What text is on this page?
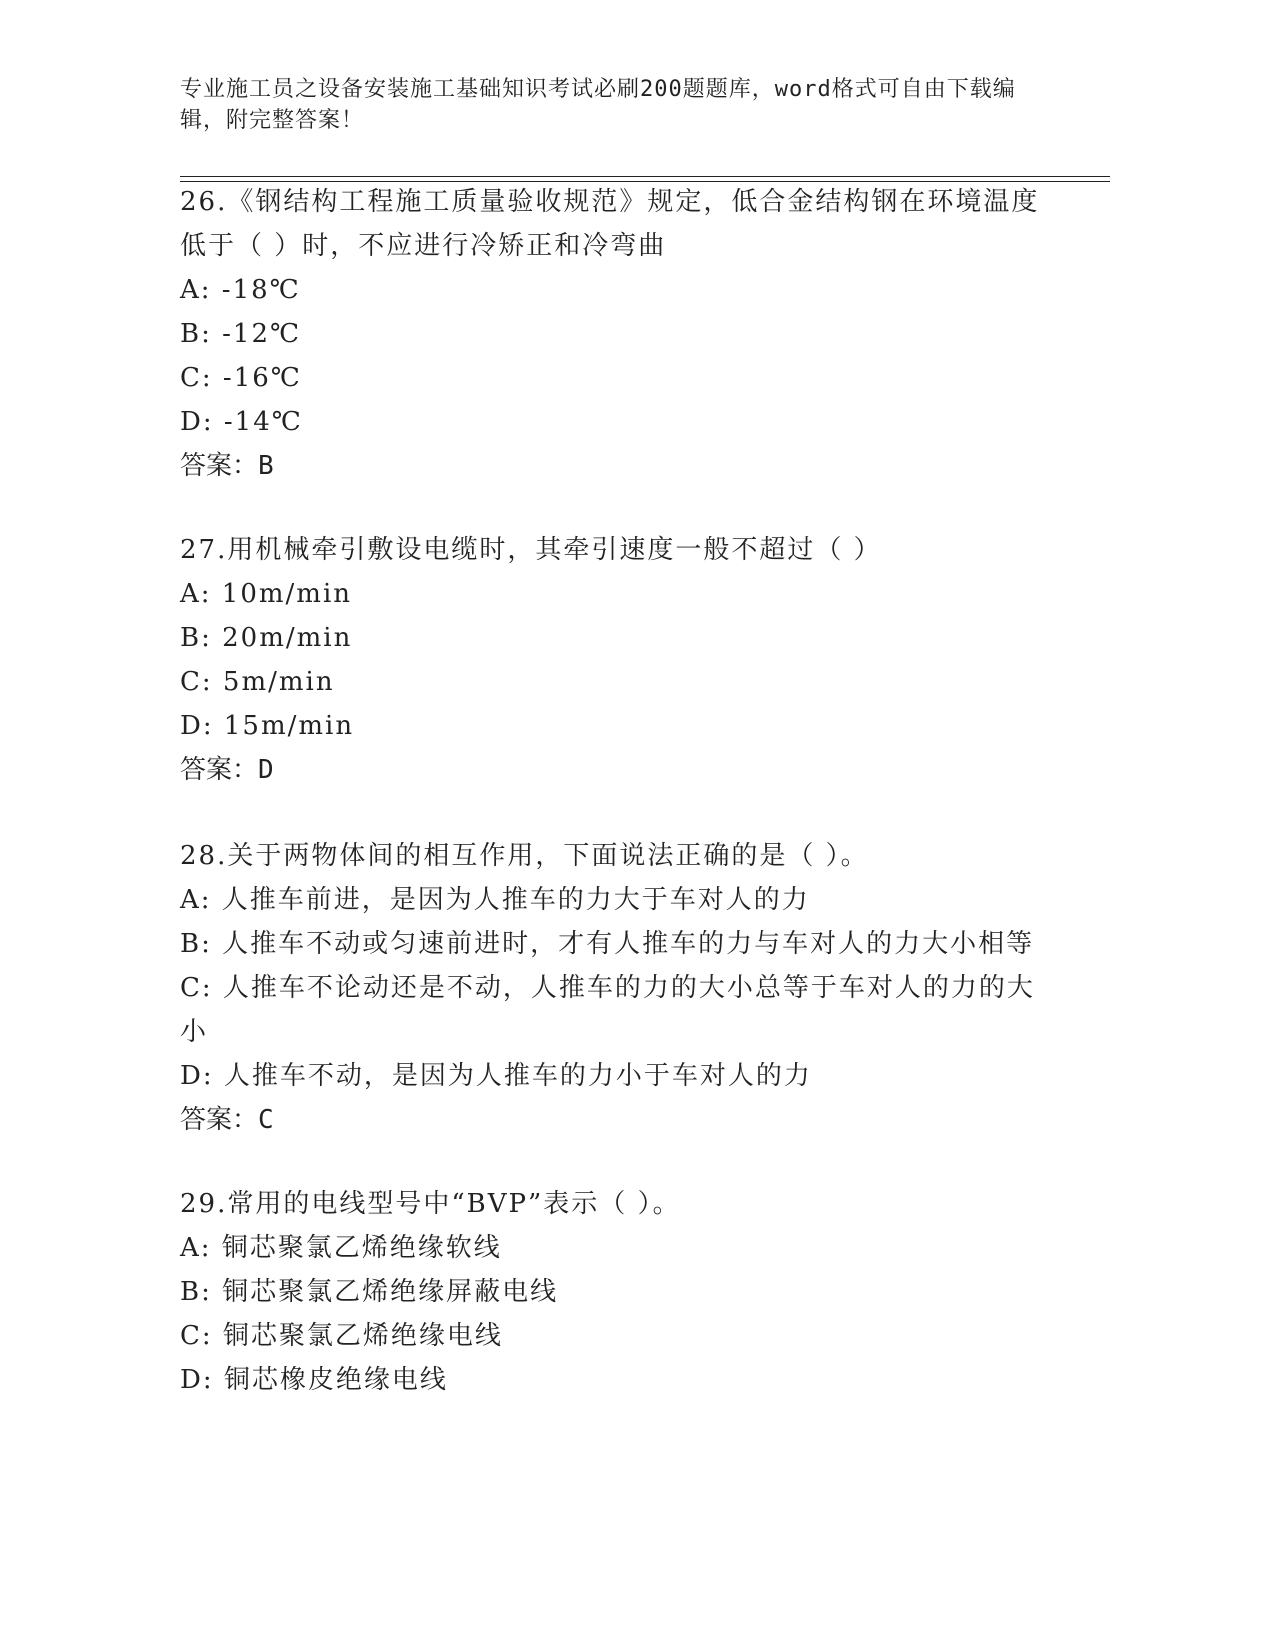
专业施工员之设备安装施工基础知识考试必刷200题题库，word格式可自由下载编辑，附完整答案！
26.《钢结构工程施工质量验收规范》规定，低合金结构钢在环境温度低于（ ）时，不应进行冷矫正和冷弯曲
A: -18℃
B: -12℃
C: -16℃
D: -14℃
答案：B
27.用机械牵引敷设电缆时，其牵引速度一般不超过（ ）
A: 10m/min
B: 20m/min
C: 5m/min
D: 15m/min
答案：D
28.关于两物体间的相互作用，下面说法正确的是（ ）。
A: 人推车前进，是因为人推车的力大于车对人的力
B: 人推车不动或匀速前进时，才有人推车的力与车对人的力大小相等
C: 人推车不论动还是不动，人推车的力的大小总等于车对人的力的大小
D: 人推车不动，是因为人推车的力小于车对人的力
答案：C
29.常用的电线型号中“BVP”表示（ ）。
A: 铜芯聚氯乙烯绝缘软线
B: 铜芯聚氯乙烯绝缘屏蔽电线
C: 铜芯聚氯乙烯绝缘电线
D: 铜芯橡皮绝缘电线
